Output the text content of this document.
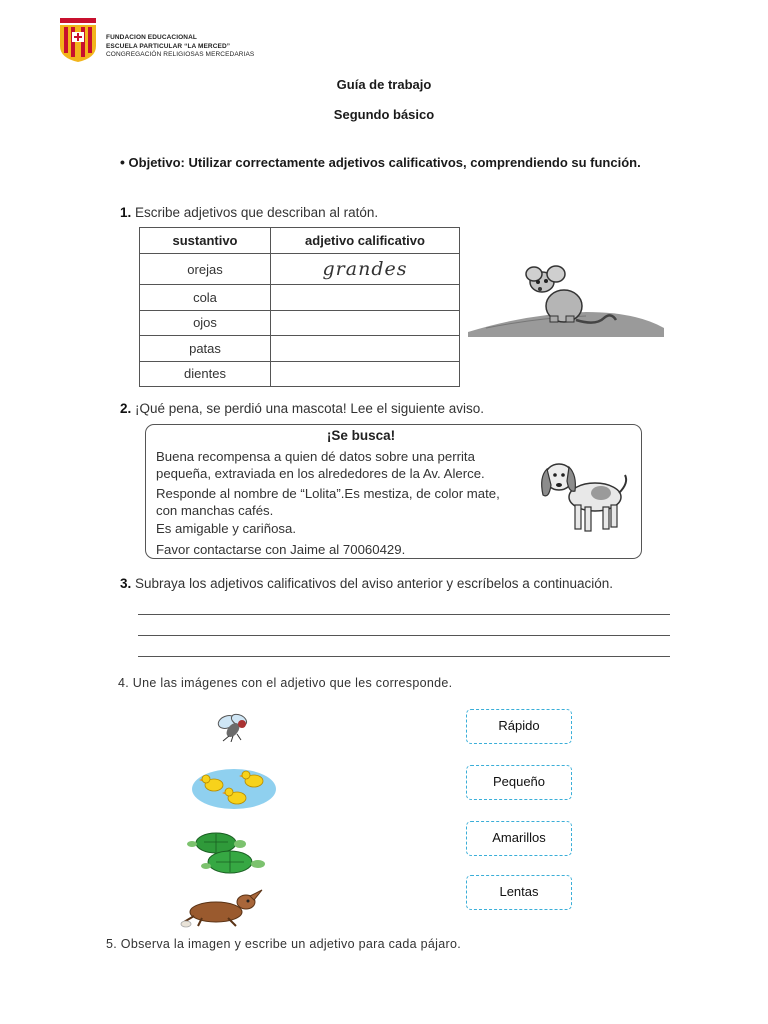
FUNDACION EDUCACIONAL
ESCUELA PARTICULAR “LA MERCED”
CONGREGACIÓN RELIGIOSAS MERCEDARIAS
Guía de trabajo
Segundo básico
• Objetivo: Utilizar correctamente adjetivos calificativos, comprendiendo su función.
1. Escribe adjetivos que describan al ratón.
sustantivo	adjetivo calificativo
orejas	grandes
cola	
ojos	
patas	
dientes	
2. ¡Qué pena, se perdió una mascota! Lee el siguiente aviso.
¡Se busca!
Buena recompensa a quien dé datos sobre una perrita
pequeña, extraviada en los alrededores de la Av. Alerce.
Responde al nombre de “Lolita”.Es mestiza, de color mate,
con manchas cafés.
Es amigable y cariñosa.
Favor contactarse con Jaime al 70060429.
3. Subraya los adjetivos calificativos del aviso anterior y escríbelos a continuación.
4. Une las imágenes con el adjetivo que les corresponde.
Rápido
Pequeño
Amarillos
Lentas
5. Observa la imagen y escribe un adjetivo para cada pájaro.
